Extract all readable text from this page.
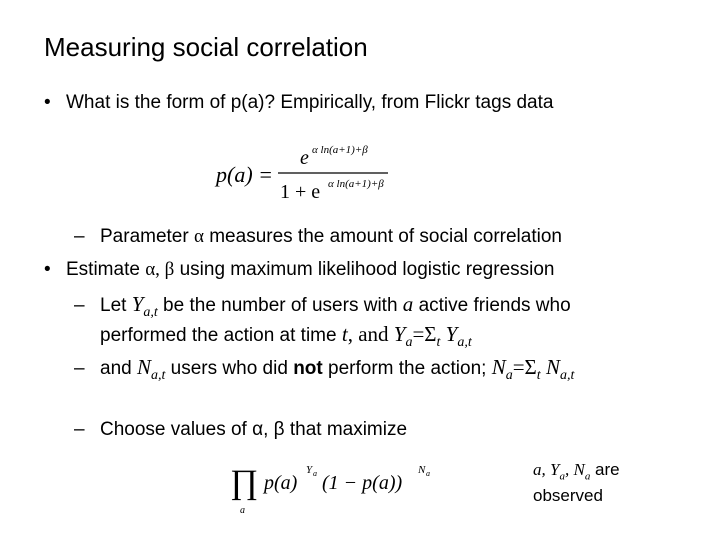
Measuring social correlation
• What is the form of p(a)? Empirically, from Flickr tags data
p(a) =
e α ln(a+1)+β
1 + e α ln(a+1)+β
– Parameter α measures the amount of social correlation
• Estimate α, β using maximum likelihood logistic regression
– Let $Y_{a,t}$ be the number of users with a active friends who
performed the action at time t, and $Y_a=\Sigma_t$ $Y_{a,t}$
– and $N_{a,t}$ users who did not perform the action; $N_a=\Sigma_t$ $N_{a,t}$
– Choose values of α, β that maximize
∏
a
p(a)
Y a (1 − p(a))
N a	a, $Y_a$, $N_a$ are
observed
